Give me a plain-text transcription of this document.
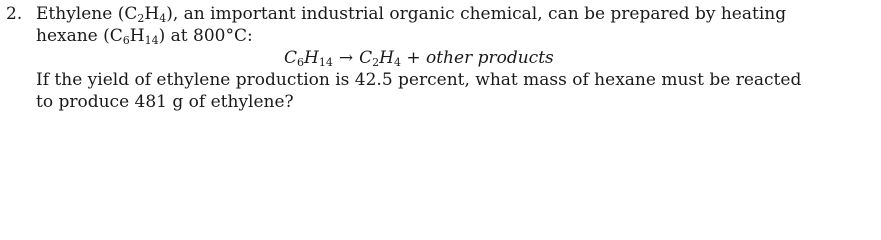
2. Ethylene $(C_2H_4)$, an important industrial organic chemical, can be prepared by heating
hexane $(C_6H_{14})$ at 800°C:
$C_6H_{14} \to C_2H_4$ + other products
If the yield of ethylene production is 42.5 percent, what mass of hexane must be reacted
to produce 481 g of ethylene?
